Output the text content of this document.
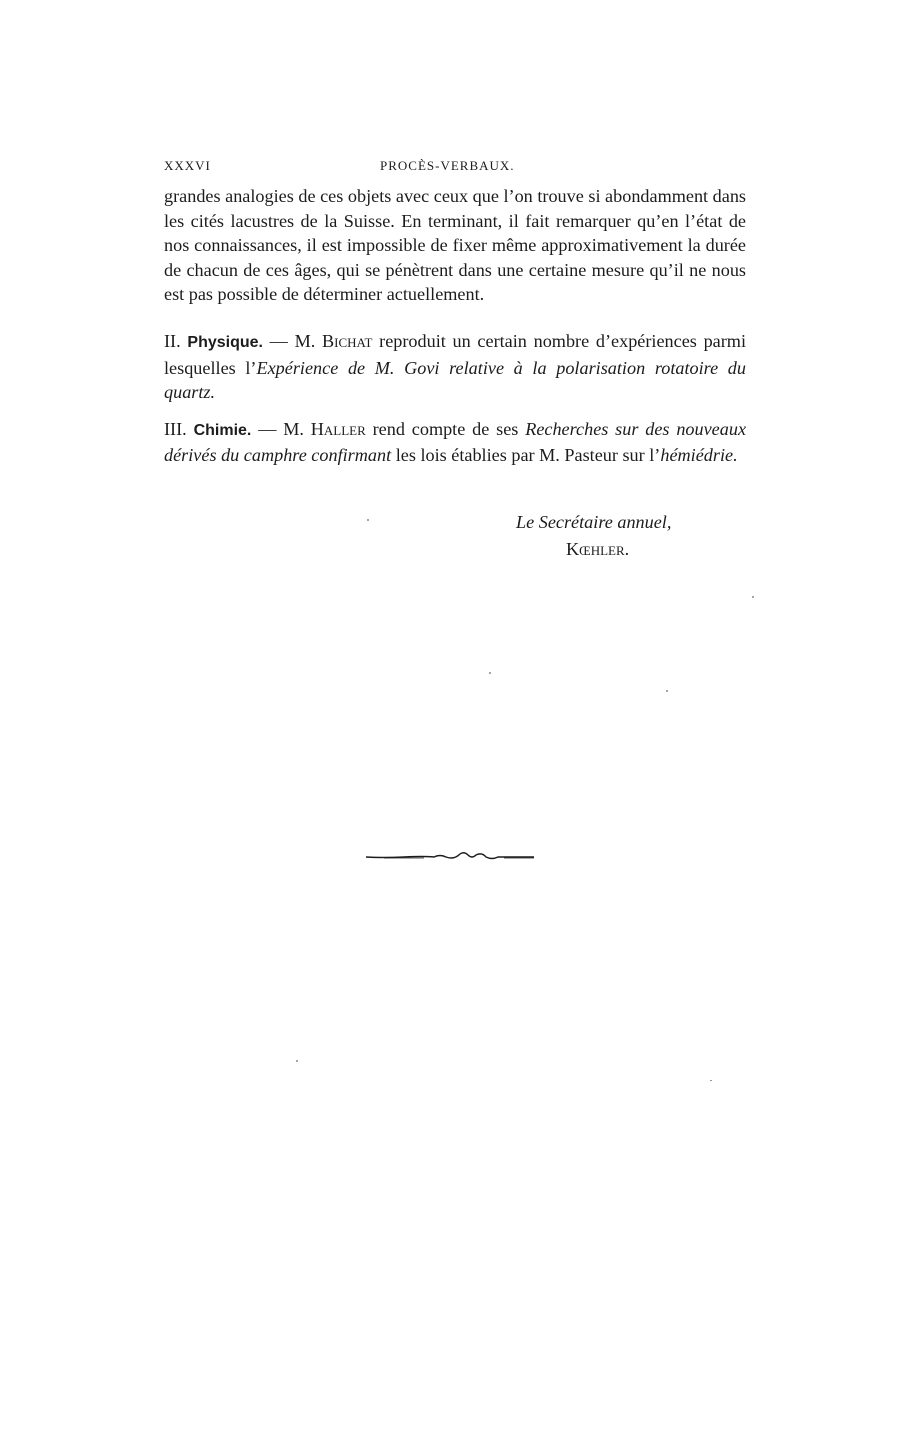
XXXVI	PROCÈS-VERBAUX.

grandes analogies de ces objets avec ceux que l’on trouve si abondamment dans les cités lacustres de la Suisse. En terminant, il fait remarquer qu’en l’état de nos connaissances, il est impossible de fixer même approximativement la durée de chacun de ces âges, qui se pénètrent dans une certaine mesure qu’il ne nous est pas possible de déterminer actuellement.

II. Physique. — M. Bichat reproduit un certain nombre d’expériences parmi lesquelles l’Expérience de M. Govi relative à la polarisation rotatoire du quartz.

III. Chimie. — M. Haller rend compte de ses Recherches sur des nouveaux dérivés du camphre confirmant les lois établies par M. Pasteur sur l’hémiédrie.

Le Secrétaire annuel,
Kœhler.
